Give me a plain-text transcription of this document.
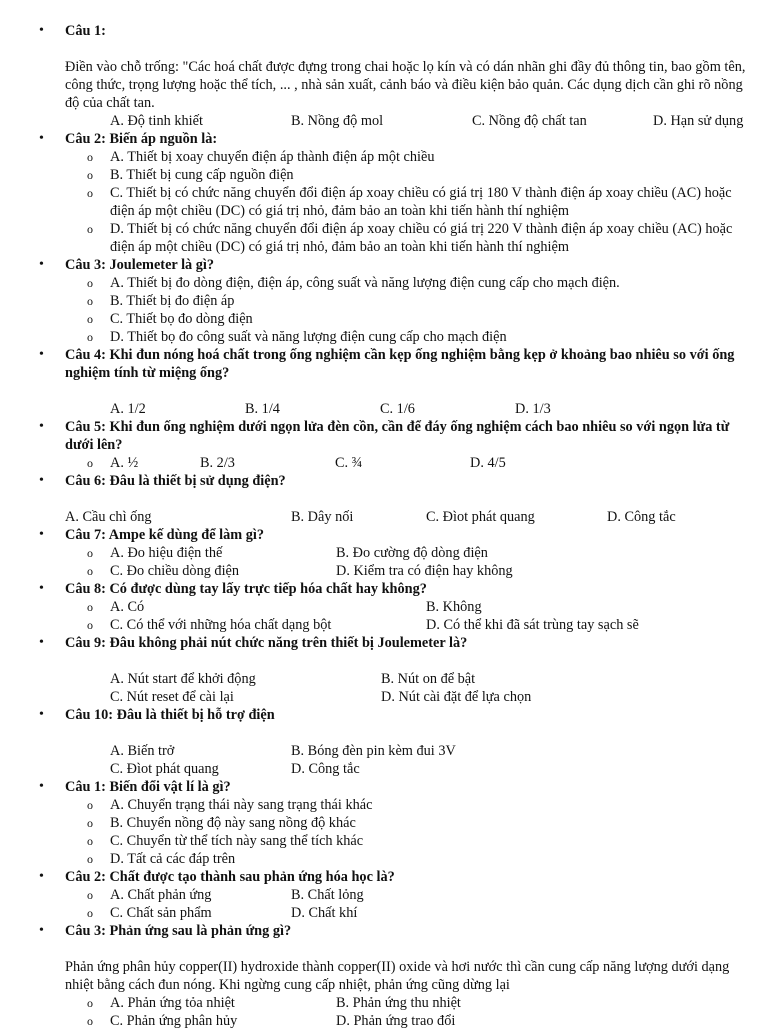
• Câu 1:
Điền vào chỗ trống: "Các hoá chất được đựng trong chai hoặc lọ kín và có dán nhãn ghi đầy đủ thông tin, bao gồm tên, công thức, trọng lượng hoặc thể tích, ... , nhà sản xuất, cảnh báo và điều kiện bảo quản. Các dụng dịch cần ghi rõ nồng độ của chất tan.
A. Độ tinh khiết	B. Nồng độ mol	C. Nồng độ chất tan	D. Hạn sử dụng
• Câu 2: Biến áp nguồn là:
o A. Thiết bị xoay chuyển điện áp thành điện áp một chiều
o B. Thiết bị cung cấp nguồn điện
o C. Thiết bị có chức năng chuyển đổi điện áp xoay chiều có giá trị 180 V thành điện áp xoay chiều (AC) hoặc điện áp một chiều (DC) có giá trị nhỏ, đảm bảo an toàn khi tiến hành thí nghiệm
o D. Thiết bị có chức năng chuyển đổi điện áp xoay chiều có giá trị 220 V thành điện áp xoay chiều (AC) hoặc điện áp một chiều (DC) có giá trị nhỏ, đảm bảo an toàn khi tiến hành thí nghiệm
• Câu 3: Joulemeter là gì?
o A. Thiết bị đo dòng điện, điện áp, công suất và năng lượng điện cung cấp cho mạch điện.
o B. Thiết bị đo điện áp
o C. Thiết bọ đo dòng điện
o D. Thiết bọ đo công suất và năng lượng điện cung cấp cho mạch điện
• Câu 4: Khi đun nóng hoá chất trong ống nghiệm cần kẹp ống nghiệm bằng kẹp ở khoảng bao nhiêu so với ống nghiệm tính từ miệng ống?
A. 1/2	B. 1/4	C. 1/6	D. 1/3
• Câu 5: Khi đun ống nghiệm dưới ngọn lửa đèn cồn, cần để đáy ống nghiệm cách bao nhiêu so với ngọn lửa từ dưới lên?
o A. ½	B. 2/3	C. ¾	D. 4/5
• Câu 6: Đâu là thiết bị sử dụng điện?
A. Cầu chì ống	B. Dây nối	C. Đìot phát quang	D. Công tắc
• Câu 7: Ampe kế dùng để làm gì?
o A. Đo hiệu điện thế	B. Đo cường độ dòng điện
o C. Đo chiều dòng điện	D. Kiểm tra có điện hay không
• Câu 8: Có được dùng tay lấy trực tiếp hóa chất hay không?
o A. Có	B. Không
o C. Có thể với những hóa chất dạng bột	D. Có thể khi đã sát trùng tay sạch sẽ
• Câu 9: Đâu không phải nút chức năng trên thiết bị Joulemeter là?
A. Nút start để khởi động	B. Nút on để bật
C. Nút reset để cài lại	D. Nút cài đặt để lựa chọn
• Câu 10: Đâu là thiết bị hỗ trợ điện
A. Biến trở	B. Bóng đèn pin kèm đui 3V
C. Đìot phát quang	D. Công tắc
• Câu 1: Biến đổi vật lí là gì?
o A. Chuyển trạng thái này sang trạng thái khác
o B. Chuyển nồng độ này sang nồng độ khác
o C. Chuyển từ thể tích này sang thể tích khác
o D. Tất cả các đáp trên
• Câu 2: Chất được tạo thành sau phản ứng hóa học là?
o A. Chất phản ứng	B. Chất lỏng
o C. Chất sản phẩm	D. Chất khí
• Câu 3: Phản ứng sau là phản ứng gì?
Phản ứng phân hủy copper(II) hydroxide thành copper(II) oxide và hơi nước thì cần cung cấp năng lượng dưới dạng nhiệt bằng cách đun nóng. Khi ngừng cung cấp nhiệt, phản ứng cũng dừng lại
o A. Phản ứng tỏa nhiệt	B. Phản ứng thu nhiệt
o C. Phản ứng phân hủy	D. Phản ứng trao đổi
